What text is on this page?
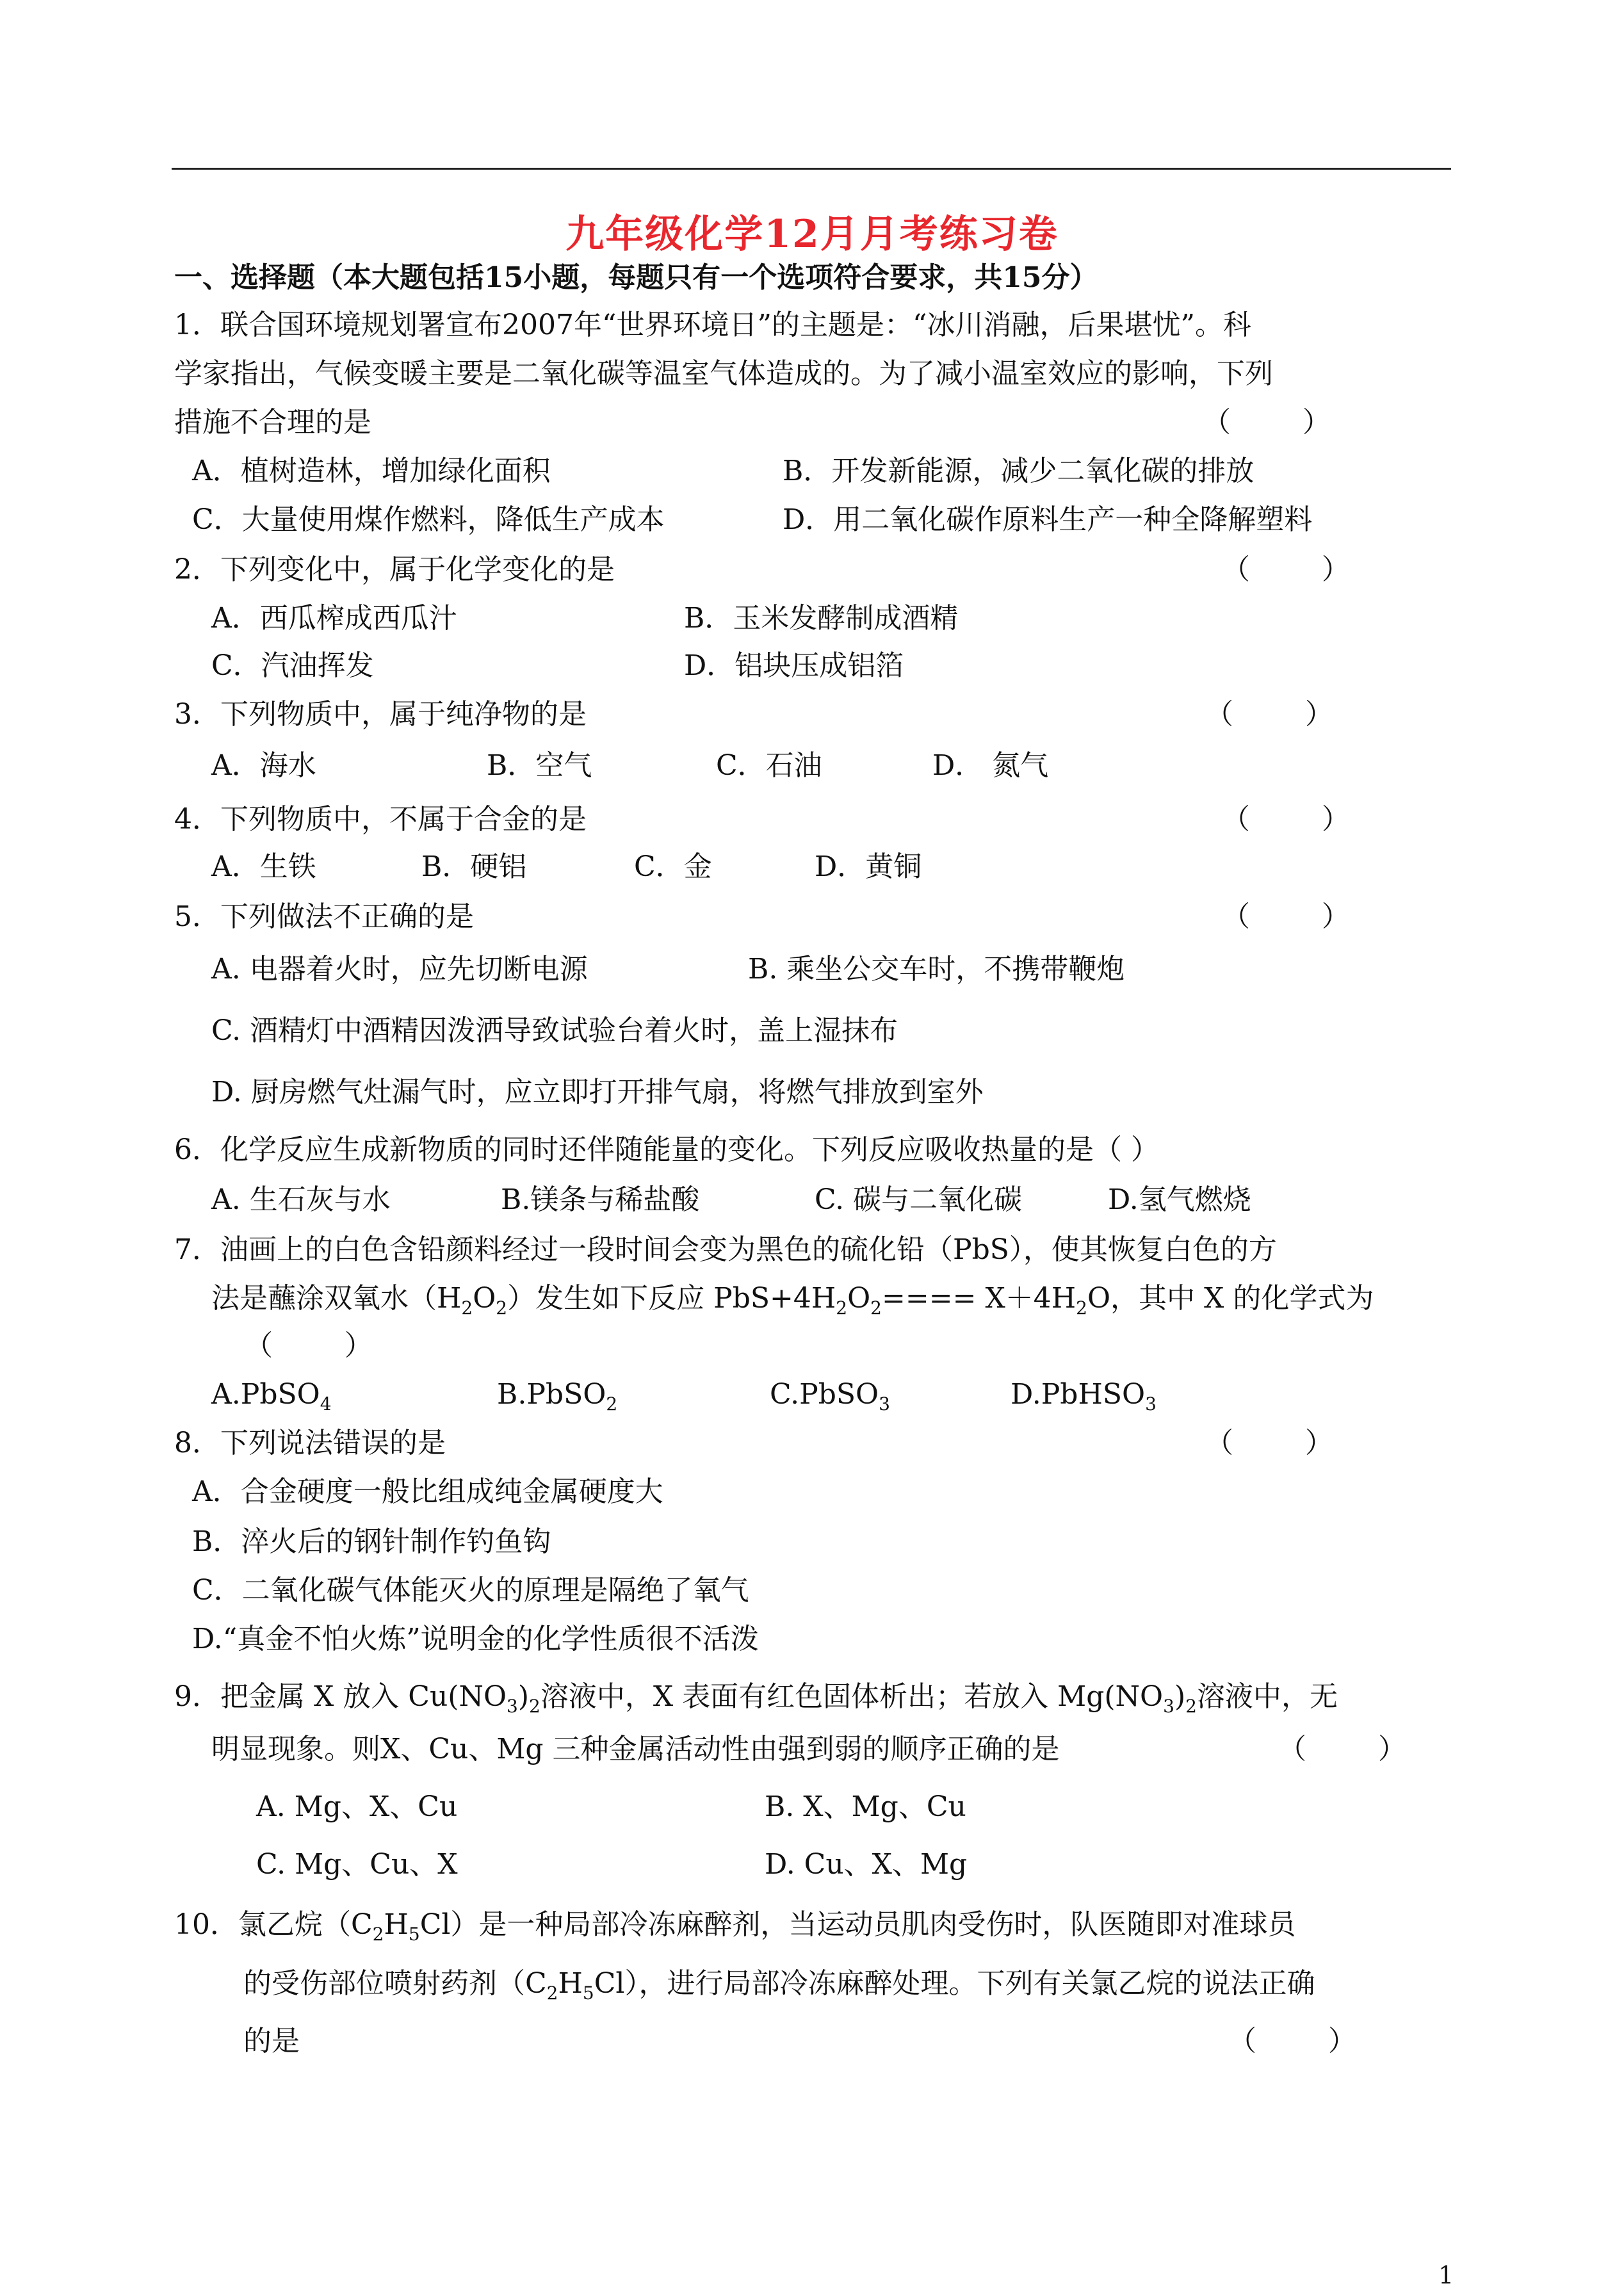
九年级化学12月月考练习卷
一、选择题（本大题包括15小题，每题只有一个选项符合要求，共15分）
1．联合国环境规划署宣布2007年“世界环境日”的主题是：“冰川消融，后果堪忧”。科
学家指出，气候变暖主要是二氧化碳等温室气体造成的。为了减小温室效应的影响，下列
措施不合理的是	（        ）
A．植树造林，增加绿化面积	B．开发新能源，减少二氧化碳的排放
C．大量使用煤作燃料，降低生产成本	D．用二氧化碳作原料生产一种全降解塑料
2．下列变化中，属于化学变化的是	（        ）
A．西瓜榨成西瓜汁	B．玉米发酵制成酒精
C．汽油挥发	D．铝块压成铝箔
3．下列物质中，属于纯净物的是	（        ）
A．海水	B．空气	C．石油	D． 氮气
4．下列物质中，不属于合金的是	（        ）
A．生铁	B．硬铝	C．金	D．黄铜
5．下列做法不正确的是	（        ）
A. 电器着火时，应先切断电源	B. 乘坐公交车时，不携带鞭炮
C. 酒精灯中酒精因泼洒导致试验台着火时，盖上湿抹布
D. 厨房燃气灶漏气时，应立即打开排气扇，将燃气排放到室外
6．化学反应生成新物质的同时还伴随能量的变化。下列反应吸收热量的是（ ）
A. 生石灰与水	B.镁条与稀盐酸	C. 碳与二氧化碳	D.氢气燃烧
7．油画上的白色含铅颜料经过一段时间会变为黑色的硫化铅（PbS），使其恢复白色的方
法是蘸涂双氧水$(H_2O_2)$发生如下反应 $PbS+4H_2O_2==== X+4H_2O$，其中 X 的化学式为
（        ）
A.PbSO$_4$	B.PbSO$_2$	C.PbSO$_3$	D.PbHSO$_3$
8．下列说法错误的是	（        ）
A．合金硬度一般比组成纯金属硬度大
B．淬火后的钢针制作钓鱼钩
C．二氧化碳气体能灭火的原理是隔绝了氧气
D.“真金不怕火炼”说明金的化学性质很不活泼
9．把金属 X 放入 $Cu(NO_3)_2$溶液中，X 表面有红色固体析出；若放入 $Mg(NO_3)_2$溶液中，无
明显现象。则X、Cu、Mg 三种金属活动性由强到弱的顺序正确的是	（        ）
A. Mg、X、Cu	B. X、Mg、Cu
C. Mg、Cu、X	D. Cu、X、Mg
10．氯乙烷$(C_2H_5Cl)$是一种局部冷冻麻醉剂，当运动员肌肉受伤时，队医随即对准球员
的受伤部位喷射药剂$(C_2H_5Cl)$，进行局部冷冻麻醉处理。下列有关氯乙烷的说法正确
的是	（        ）
1
